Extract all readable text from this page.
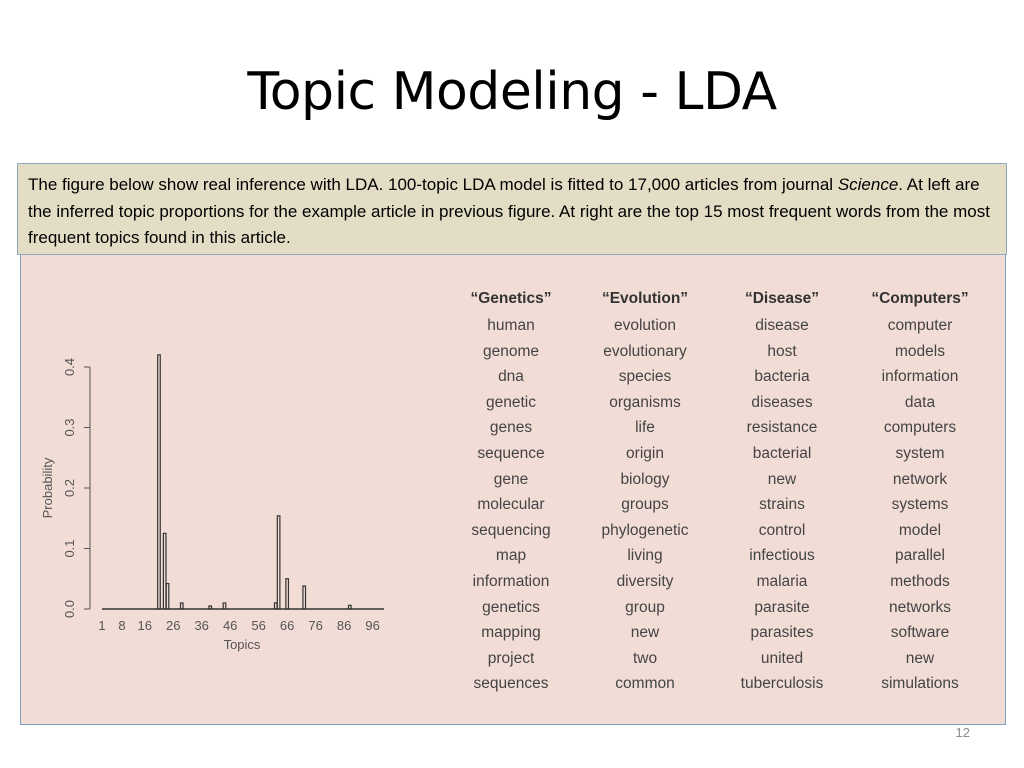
Topic Modeling - LDA
The figure below show real inference with LDA. 100-topic LDA model is fitted to 17,000 articles from journal Science. At left are the inferred topic proportions for the example article in previous figure. At right are the top 15 most frequent words from the most frequent topics found in this article.
0.0
0.1
0.2
0.3
0.4
1 8 16 26 36 46 56 66 76 86 96
Topics
Probability
“Genetics”
human
genome
dna
genetic
genes
sequence
gene
molecular
sequencing
map
information
genetics
mapping
project
sequences
“Evolution”
evolution
evolutionary
species
organisms
life
origin
biology
groups
phylogenetic
living
diversity
group
new
two
common
“Disease”
disease
host
bacteria
diseases
resistance
bacterial
new
strains
control
infectious
malaria
parasite
parasites
united
tuberculosis
“Computers”
computer
models
information
data
computers
system
network
systems
model
parallel
methods
networks
software
new
simulations
12
